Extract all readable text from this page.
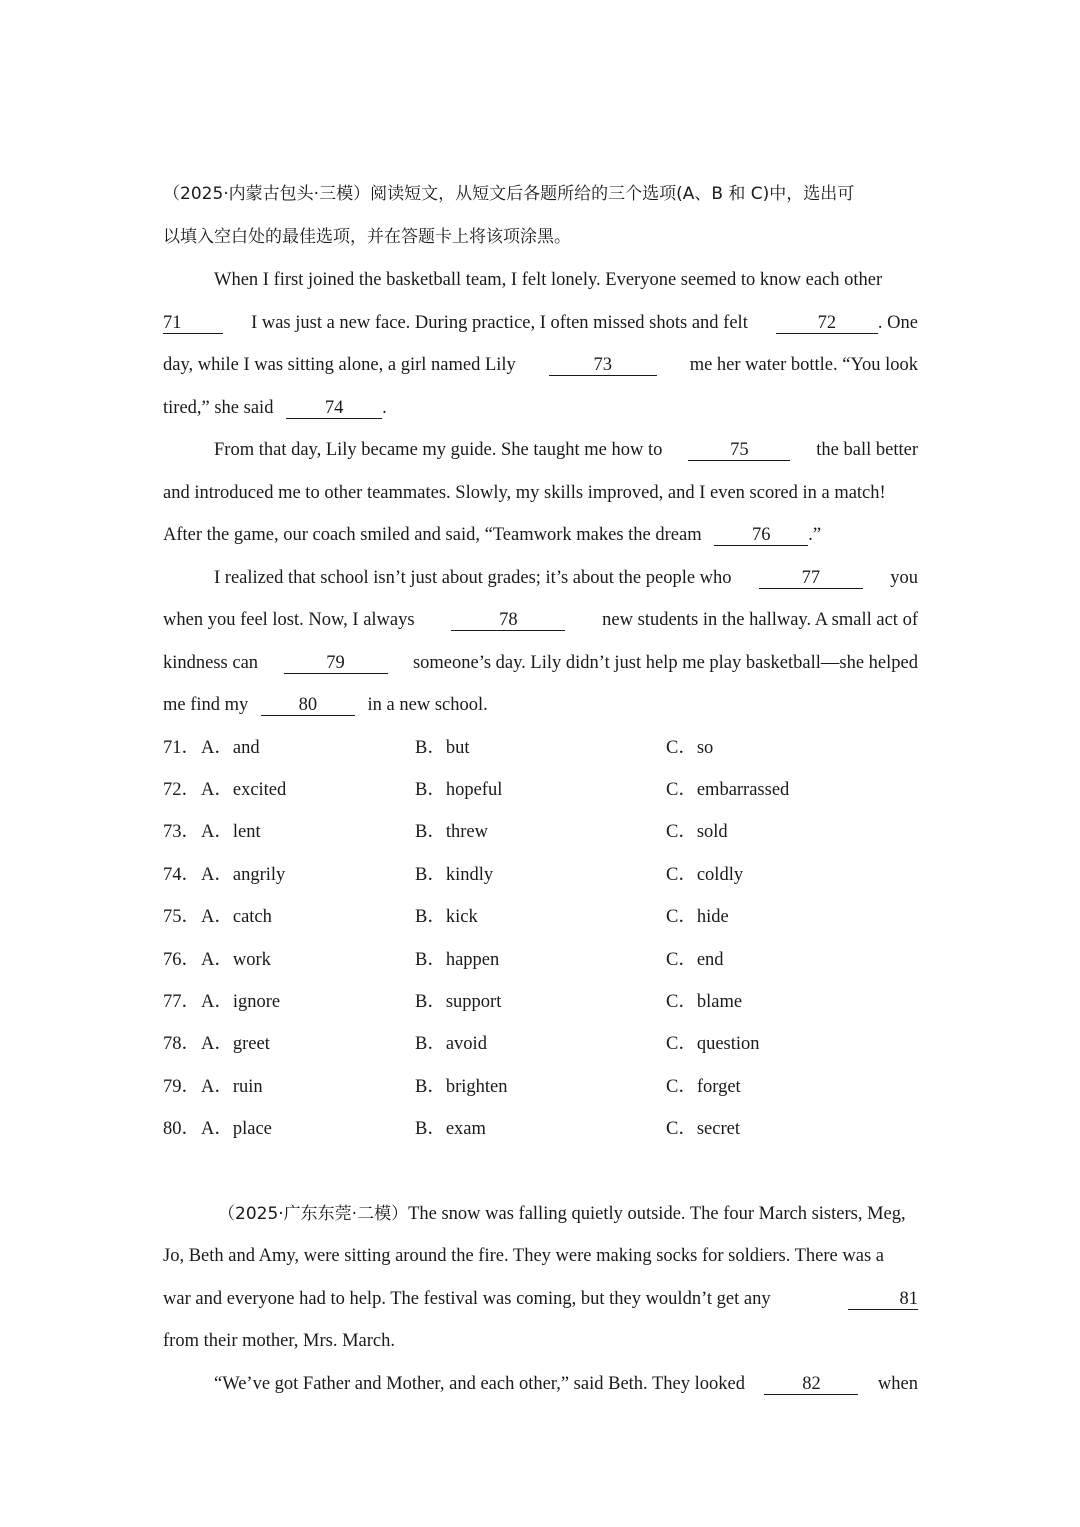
（2025·内蒙古包头·三模）阅读短文，从短文后各题所给的三个选项(A、B 和 C)中，选出可
以填入空白处的最佳选项，并在答题卡上将该项涂黑。
When I first joined the basketball team, I felt lonely. Everyone seemed to know each other
71	I was just a new face. During practice, I often missed shots and felt	72 . One
day, while I was sitting alone, a girl named Lily	73	me her water bottle. “You look
tired,” she said	74 .
From that day, Lily became my guide. She taught me how to	75	the ball better
and introduced me to other teammates. Slowly, my skills improved, and I even scored in a match!
After the game, our coach smiled and said, “Teamwork makes the dream	76 .”
I realized that school isn’t just about grades; it’s about the people who	77	you
when you feel lost. Now, I always	78	new students in the hallway. A small act of
kindness can	79	someone’s day. Lily didn’t just help me play basketball—she helped
me find my	80	in a new school.
71． A．and	B．but	C．so
72． A．excited	B．hopeful	C．embarrassed
73． A．lent	B．threw	C．sold
74． A．angrily	B．kindly	C．coldly
75． A．catch	B．kick	C．hide
76． A．work	B．happen	C．end
77． A．ignore	B．support	C．blame
78． A．greet	B．avoid	C．question
79． A．ruin	B．brighten	C．forget
80． A．place	B．exam	C．secret
（2025·广东东莞·二模）The snow was falling quietly outside. The four March sisters, Meg,
Jo, Beth and Amy, were sitting around the fire. They were making socks for soldiers. There was a
war and everyone had to help. The festival was coming, but they wouldn’t get any	81
from their mother, Mrs. March.
“We’ve got Father and Mother, and each other,” said Beth. They looked	82	when
